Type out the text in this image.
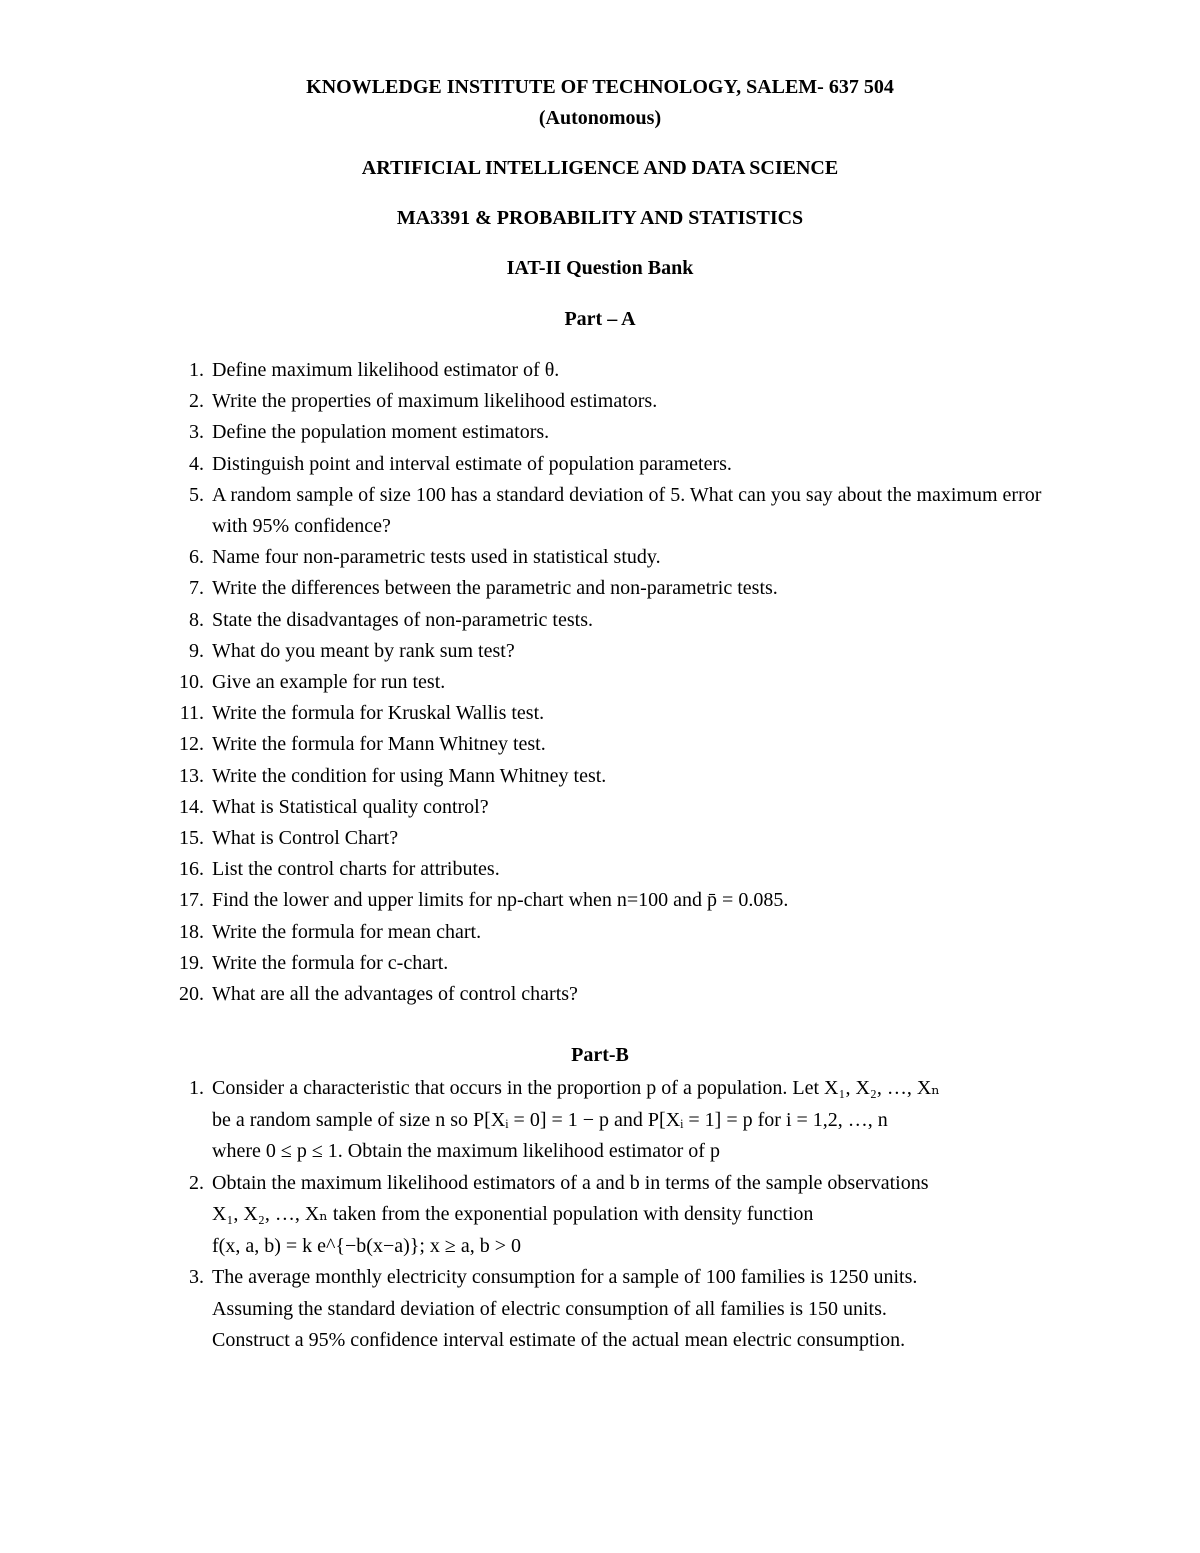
KNOWLEDGE INSTITUTE OF TECHNOLOGY, SALEM- 637 504
(Autonomous)
ARTIFICIAL INTELLIGENCE AND DATA SCIENCE
MA3391 & PROBABILITY AND STATISTICS
IAT-II Question Bank
Part – A
1. Define maximum likelihood estimator of θ.
2. Write the properties of maximum likelihood estimators.
3. Define the population moment estimators.
4. Distinguish point and interval estimate of population parameters.
5. A random sample of size 100 has a standard deviation of 5. What can you say about the maximum error with 95% confidence?
6. Name four non-parametric tests used in statistical study.
7. Write the differences between the parametric and non-parametric tests.
8. State the disadvantages of non-parametric tests.
9. What do you meant by rank sum test?
10. Give an example for run test.
11. Write the formula for Kruskal Wallis test.
12. Write the formula for Mann Whitney test.
13. Write the condition for using Mann Whitney test.
14. What is Statistical quality control?
15. What is Control Chart?
16. List the control charts for attributes.
17. Find the lower and upper limits for np-chart when n=100 and p̄ = 0.085.
18. Write the formula for mean chart.
19. Write the formula for c-chart.
20. What are all the advantages of control charts?
Part-B
1. Consider a characteristic that occurs in the proportion p of a population. Let X₁, X₂, …, Xₙ
be a random sample of size n so P[Xᵢ = 0] = 1 − p and P[Xᵢ = 1] = p for i = 1,2, …, n
where 0 ≤ p ≤ 1. Obtain the maximum likelihood estimator of p
2. Obtain the maximum likelihood estimators of a and b in terms of the sample observations
X₁, X₂, …, Xₙ taken from the exponential population with density function
f(x, a, b) = k e^{−b(x−a)}; x ≥ a, b > 0
3. The average monthly electricity consumption for a sample of 100 families is 1250 units.
Assuming the standard deviation of electric consumption of all families is 150 units.
Construct a 95% confidence interval estimate of the actual mean electric consumption.
